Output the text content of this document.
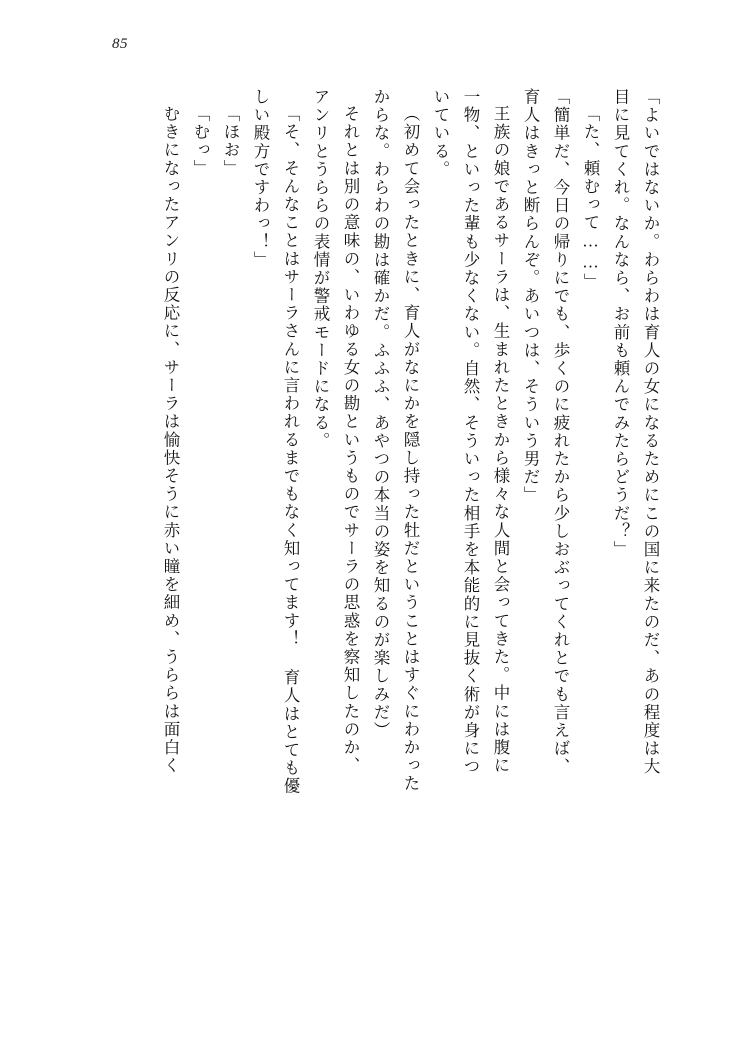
85
「よいではないか。わらわは育人の女になるためにこの国に来たのだ、あの程度は大
目に見てくれ。なんなら、お前も頼んでみたらどうだ？」
「た、頼むって……」
「簡単だ、今日の帰りにでも、歩くのに疲れたから少しおぶってくれとでも言えば、
育人はきっと断らんぞ。あいつは、そういう男だ」
王族の娘であるサーラは、生まれたときから様々な人間と会ってきた。中には腹に
一物、といった輩も少なくない。自然、そういった相手を本能的に見抜く術が身につ
いている。
（初めて会ったときに、育人がなにかを隠し持った牡だということはすぐにわかった
からな。わらわの勘は確かだ。ふふふ、あやつの本当の姿を知るのが楽しみだ）
それとは別の意味の、いわゆる女の勘というものでサーラの思惑を察知したのか、
アンリとうららの表情が警戒モードになる。
「そ、そんなことはサーラさんに言われるまでもなく知ってます！ 育人はとても優
しい殿方ですわっ！」
「ほお」
「むっ」
むきになったアンリの反応に、サーラは愉快そうに赤い瞳を細め、うららは面白く
